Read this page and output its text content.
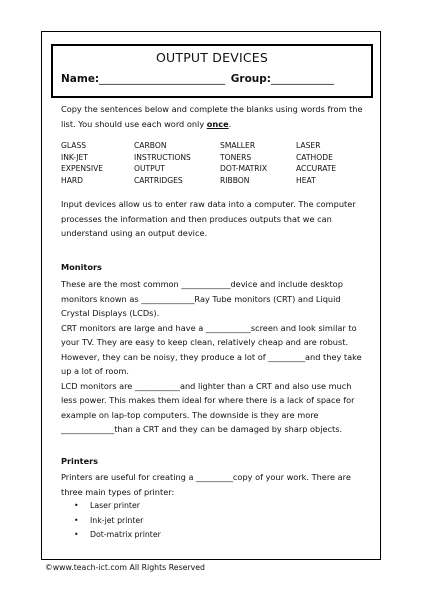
OUTPUT DEVICES
Name:________________________ Group:____________
Copy the sentences below and complete the blanks using words from the list. You should use each word only once.
GLASS	CARBON	SMALLER	LASER
INK-JET	INSTRUCTIONS	TONERS	CATHODE
EXPENSIVE	OUTPUT	DOT-MATRIX	ACCURATE
HARD	CARTRIDGES	RIBBON	HEAT
Input devices allow us to enter raw data into a computer. The computer processes the information and then produces outputs that we can understand using an output device.
Monitors
These are the most common ____________device and include desktop monitors known as _____________Ray Tube monitors (CRT) and Liquid Crystal Displays (LCDs).
CRT monitors are large and have a ___________screen and look similar to your TV. They are easy to keep clean, relatively cheap and are robust. However, they can be noisy, they produce a lot of _________and they take up a lot of room.
LCD monitors are ___________and lighter than a CRT and also use much less power. This makes them ideal for where there is a lack of space for example on lap-top computers. The downside is they are more _____________than a CRT and they can be damaged by sharp objects.
Printers
Printers are useful for creating a _________copy of your work. There are three main types of printer:
• Laser printer
• Ink-jet printer
• Dot-matrix printer
©www.teach-ict.com All Rights Reserved
